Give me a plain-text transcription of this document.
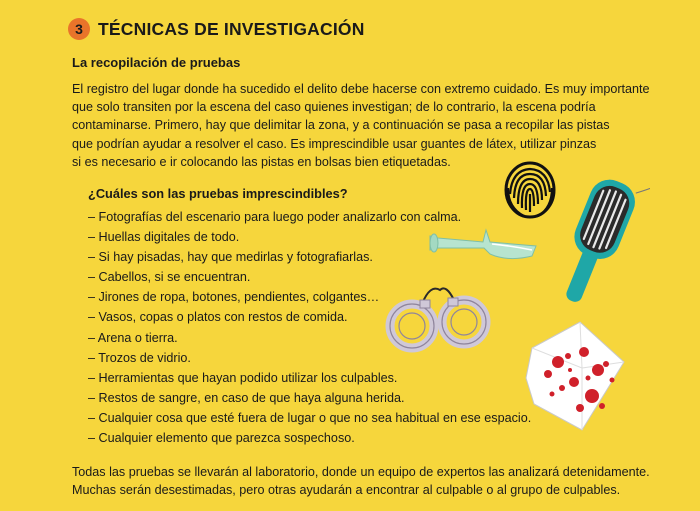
3 TÉCNICAS DE INVESTIGACIÓN
La recopilación de pruebas

El registro del lugar donde ha sucedido el delito debe hacerse con extremo cuidado. Es muy importante
que solo transiten por la escena del caso quienes investigan; de lo contrario, la escena podría
contaminarse. Primero, hay que delimitar la zona, y a continuación se pasa a recopilar las pistas
que podrían ayudar a resolver el caso. Es imprescindible usar guantes de látex, utilizar pinzas
si es necesario e ir colocando las pistas en bolsas bien etiquetadas.

¿Cuáles son las pruebas imprescindibles?
– Fotografías del escenario para luego poder analizarlo con calma.
– Huellas digitales de todo.
– Si hay pisadas, hay que medirlas y fotografiarlas.
– Cabellos, si se encuentran.
– Jirones de ropa, botones, pendientes, colgantes…
– Vasos, copas o platos con restos de comida.
– Arena o tierra.
– Trozos de vidrio.
– Herramientas que hayan podido utilizar los culpables.
– Restos de sangre, en caso de que haya alguna herida.
– Cualquier cosa que esté fuera de lugar o que no sea habitual en ese espacio.
– Cualquier elemento que parezca sospechoso.

Todas las pruebas se llevarán al laboratorio, donde un equipo de expertos las analizará detenidamente.
Muchas serán desestimadas, pero otras ayudarán a encontrar al culpable o al grupo de culpables.
